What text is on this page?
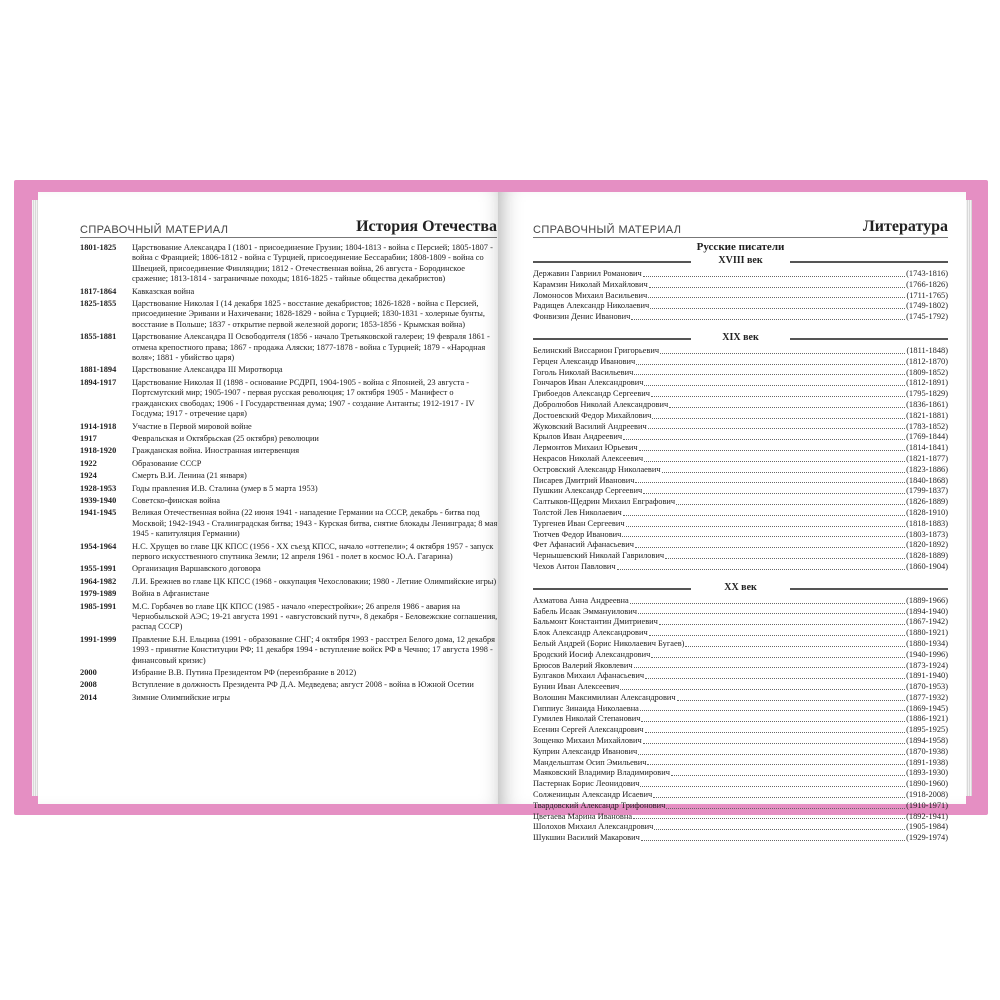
СПРАВОЧНЫЙ МАТЕРИАЛ	История Отечества	СПРАВОЧНЫЙ МАТЕРИАЛ	Литература
1801-1825	Царствование Александра I (1801 - присоединение Грузии; 1804-1813 - война с Персией; 1805-1807 - война с Францией; 1806-1812 - война с Турцией, присоединение Бессарабии; 1808-1809 - война со Швецией, присоединение Финляндии; 1812 - Отечественная война, 26 августа - Бородинское сражение; 1813-1814 - заграничные походы; 1816-1825 - тайные общества декабристов)
1817-1864	Кавказская война
1825-1855	Царствование Николая I (14 декабря 1825 - восстание декабристов; 1826-1828 - война с Персией, присоединение Эривани и Нахичевани; 1828-1829 - война с Турцией; 1830-1831 - холерные бунты, восстание в Польше; 1837 - открытие первой железной дороги; 1853-1856 - Крымская война)
1855-1881	Царствование Александра II Освободителя (1856 - начало Третьяковской галереи; 19 февраля 1861 - отмена крепостного права; 1867 - продажа Аляски; 1877-1878 - война с Турцией; 1879 - «Народная воля»; 1881 - убийство царя)
1881-1894	Царствование Александра III Миротворца
1894-1917	Царствование Николая II (1898 - основание РСДРП, 1904-1905 - война с Японией, 23 августа - Портсмутский мир; 1905-1907 - первая русская революция; 17 октября 1905 - Манифест о гражданских свободах; 1906 - I Государственная дума; 1907 - создание Антанты; 1912-1917 - IV Госдума; 1917 - отречение царя)
1914-1918	Участие в Первой мировой войне
1917	Февральская и Октябрьская (25 октября) революции
1918-1920	Гражданская война. Иностранная интервенция
1922	Образование СССР
1924	Смерть В.И. Ленина (21 января)
1928-1953	Годы правления И.В. Сталина (умер в 5 марта 1953)
1939-1940	Советско-финская война
1941-1945	Великая Отечественная война (22 июня 1941 - нападение Германии на СССР, декабрь - битва под Москвой; 1942-1943 - Сталинградская битва; 1943 - Курская битва, снятие блокады Ленинграда; 8 мая 1945 - капитуляция Германии)
1954-1964	Н.С. Хрущев во главе ЦК КПСС (1956 - XX съезд КПСС, начало «оттепели»; 4 октября 1957 - запуск первого искусственного спутника Земли; 12 апреля 1961 - полет в космос Ю.А. Гагарина)
1955-1991	Организация Варшавского договора
1964-1982	Л.И. Брежнев во главе ЦК КПСС (1968 - оккупация Чехословакии; 1980 - Летние Олимпийские игры)
1979-1989	Война в Афганистане
1985-1991	М.С. Горбачев во главе ЦК КПСС (1985 - начало «перестройки»; 26 апреля 1986 - авария на Чернобыльской АЭС; 19-21 августа 1991 - «августовский путч», 8 декабря - Беловежские соглашения, распад СССР)
1991-1999	Правление Б.Н. Ельцина (1991 - образование СНГ; 4 октября 1993 - расстрел Белого дома, 12 декабря 1993 - принятие Конституции РФ; 11 декабря 1994 - вступление войск РФ в Чечню; 17 августа 1998 - финансовый кризис)
2000	Избрание В.В. Путина Президентом РФ (переизбрание в 2012)
2008	Вступление в должность Президента РФ Д.А. Медведева; август 2008 - война в Южной Осетии
2014	Зимние Олимпийские игры
Русские писатели
XVIII век
Державин Гавриил Романович	(1743-1816)
Карамзин Николай Михайлович	(1766-1826)
Ломоносов Михаил Васильевич	(1711-1765)
Радищев Александр Николаевич	(1749-1802)
Фонвизин Денис Иванович	(1745-1792)
XIX век
Белинский Виссарион Григорьевич	(1811-1848)
Герцен Александр Иванович	(1812-1870)
Гоголь Николай Васильевич	(1809-1852)
Гончаров Иван Александрович	(1812-1891)
Грибоедов Александр Сергеевич	(1795-1829)
Добролюбов Николай Александрович	(1836-1861)
Достоевский Федор Михайлович	(1821-1881)
Жуковский Василий Андреевич	(1783-1852)
Крылов Иван Андреевич	(1769-1844)
Лермонтов Михаил Юрьевич	(1814-1841)
Некрасов Николай Алексеевич	(1821-1877)
Островский Александр Николаевич	(1823-1886)
Писарев Дмитрий Иванович	(1840-1868)
Пушкин Александр Сергеевич	(1799-1837)
Салтыков-Щедрин Михаил Евграфович	(1826-1889)
Толстой Лев Николаевич	(1828-1910)
Тургенев Иван Сергеевич	(1818-1883)
Тютчев Федор Иванович	(1803-1873)
Фет Афанасий Афанасьевич	(1820-1892)
Чернышевский Николай Гаврилович	(1828-1889)
Чехов Антон Павлович	(1860-1904)
XX век
Ахматова Анна Андреевна	(1889-1966)
Бабель Исаак Эммануилович	(1894-1940)
Бальмонт Константин Дмитриевич	(1867-1942)
Блок Александр Александрович	(1880-1921)
Белый Андрей (Борис Николаевич Бугаев)	(1880-1934)
Бродский Иосиф Александрович	(1940-1996)
Брюсов Валерий Яковлевич	(1873-1924)
Булгаков Михаил Афанасьевич	(1891-1940)
Бунин Иван Алексеевич	(1870-1953)
Волошин Максимилиан Александрович	(1877-1932)
Гиппиус Зинаида Николаевна	(1869-1945)
Гумилев Николай Степанович	(1886-1921)
Есенин Сергей Александрович	(1895-1925)
Зощенко Михаил Михайлович	(1894-1958)
Куприн Александр Иванович	(1870-1938)
Мандельштам Осип Эмильевич	(1891-1938)
Маяковский Владимир Владимирович	(1893-1930)
Пастернак Борис Леонидович	(1890-1960)
Солженицын Александр Исаевич	(1918-2008)
Твардовский Александр Трифонович	(1910-1971)
Цветаева Марина Ивановна	(1892-1941)
Шолохов Михаил Александрович	(1905-1984)
Шукшин Василий Макарович	(1929-1974)
